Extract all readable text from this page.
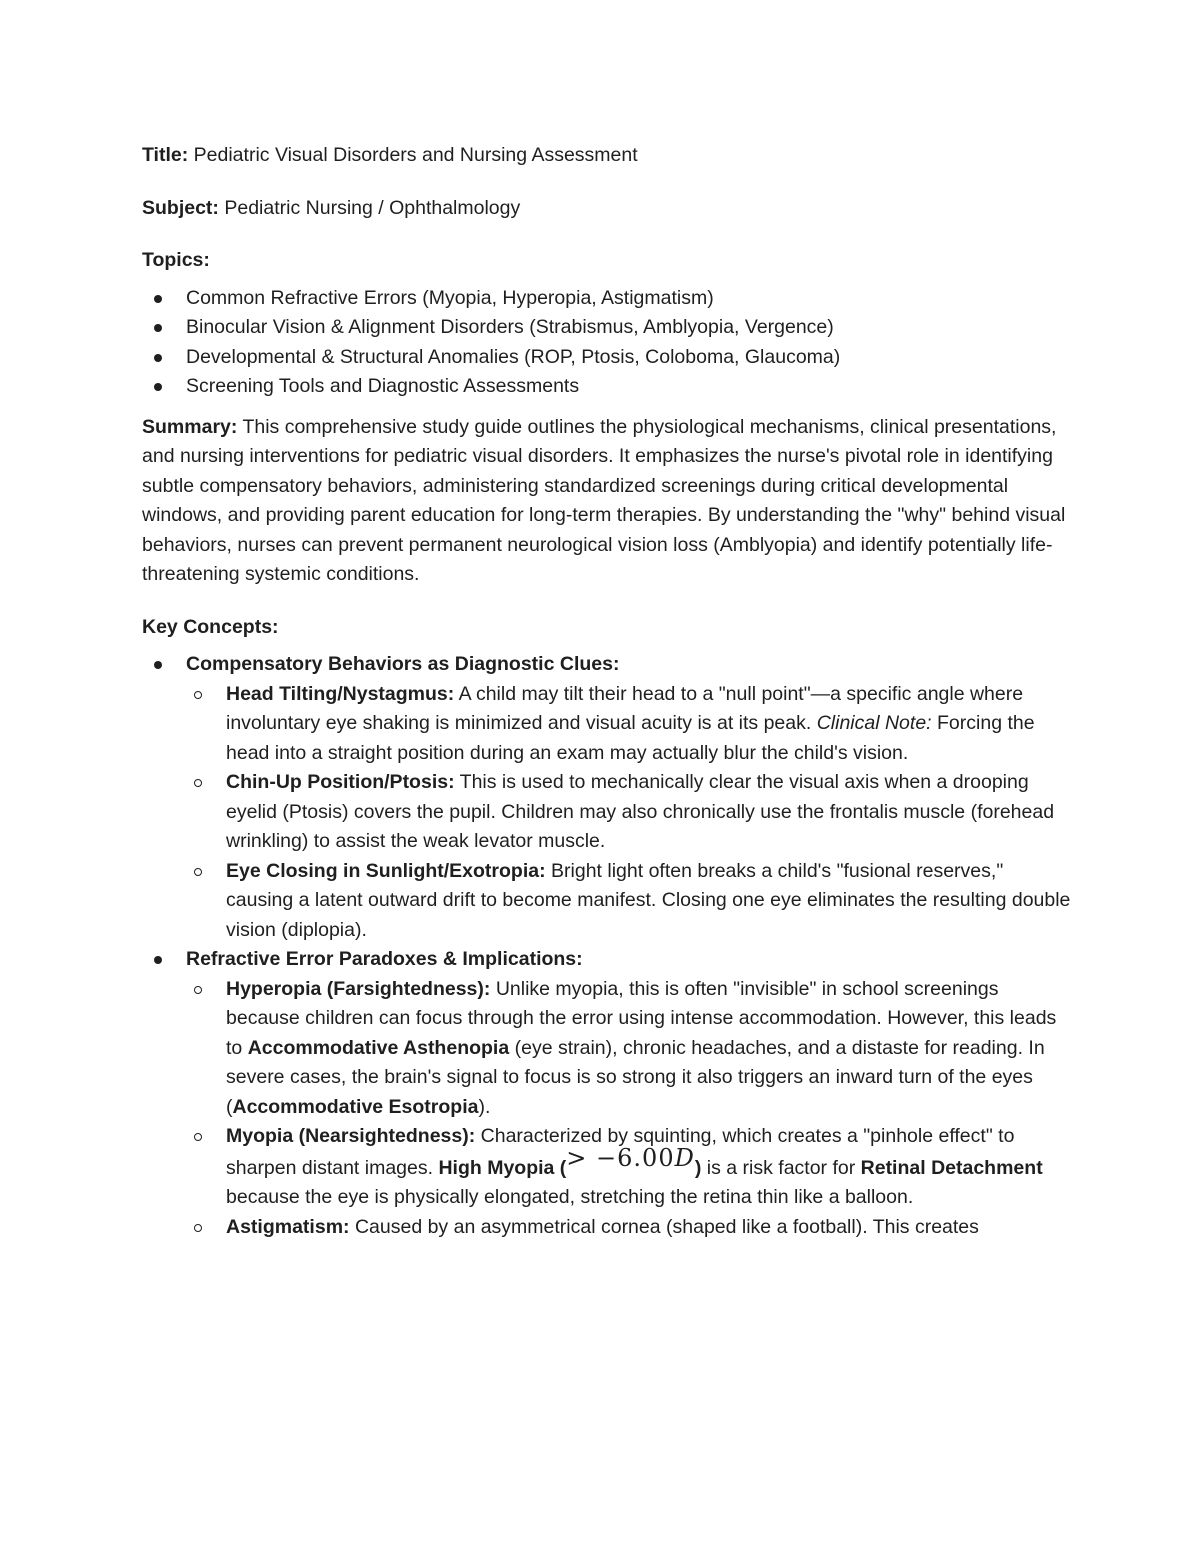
Title: Pediatric Visual Disorders and Nursing Assessment

Subject: Pediatric Nursing / Ophthalmology

Topics:

Common Refractive Errors (Myopia, Hyperopia, Astigmatism)
Binocular Vision & Alignment Disorders (Strabismus, Amblyopia, Vergence)
Developmental & Structural Anomalies (ROP, Ptosis, Coloboma, Glaucoma)
Screening Tools and Diagnostic Assessments

Summary: This comprehensive study guide outlines the physiological mechanisms, clinical presentations, and nursing interventions for pediatric visual disorders. It emphasizes the nurse's pivotal role in identifying subtle compensatory behaviors, administering standardized screenings during critical developmental windows, and providing parent education for long-term therapies. By understanding the "why" behind visual behaviors, nurses can prevent permanent neurological vision loss (Amblyopia) and identify potentially life-threatening systemic conditions.

Key Concepts:

Compensatory Behaviors as Diagnostic Clues:
Head Tilting/Nystagmus: A child may tilt their head to a "null point"—a specific angle where involuntary eye shaking is minimized and visual acuity is at its peak. Clinical Note: Forcing the head into a straight position during an exam may actually blur the child's vision.
Chin-Up Position/Ptosis: This is used to mechanically clear the visual axis when a drooping eyelid (Ptosis) covers the pupil. Children may also chronically use the frontalis muscle (forehead wrinkling) to assist the weak levator muscle.
Eye Closing in Sunlight/Exotropia: Bright light often breaks a child's "fusional reserves," causing a latent outward drift to become manifest. Closing one eye eliminates the resulting double vision (diplopia).
Refractive Error Paradoxes & Implications:
Hyperopia (Farsightedness): Unlike myopia, this is often "invisible" in school screenings because children can focus through the error using intense accommodation. However, this leads to Accommodative Asthenopia (eye strain), chronic headaches, and a distaste for reading. In severe cases, the brain's signal to focus is so strong it also triggers an inward turn of the eyes (Accommodative Esotropia).
Myopia (Nearsightedness): Characterized by squinting, which creates a "pinhole effect" to sharpen distant images. High Myopia (> −6.00D) is a risk factor for Retinal Detachment because the eye is physically elongated, stretching the retina thin like a balloon.
Astigmatism: Caused by an asymmetrical cornea (shaped like a football). This creates
